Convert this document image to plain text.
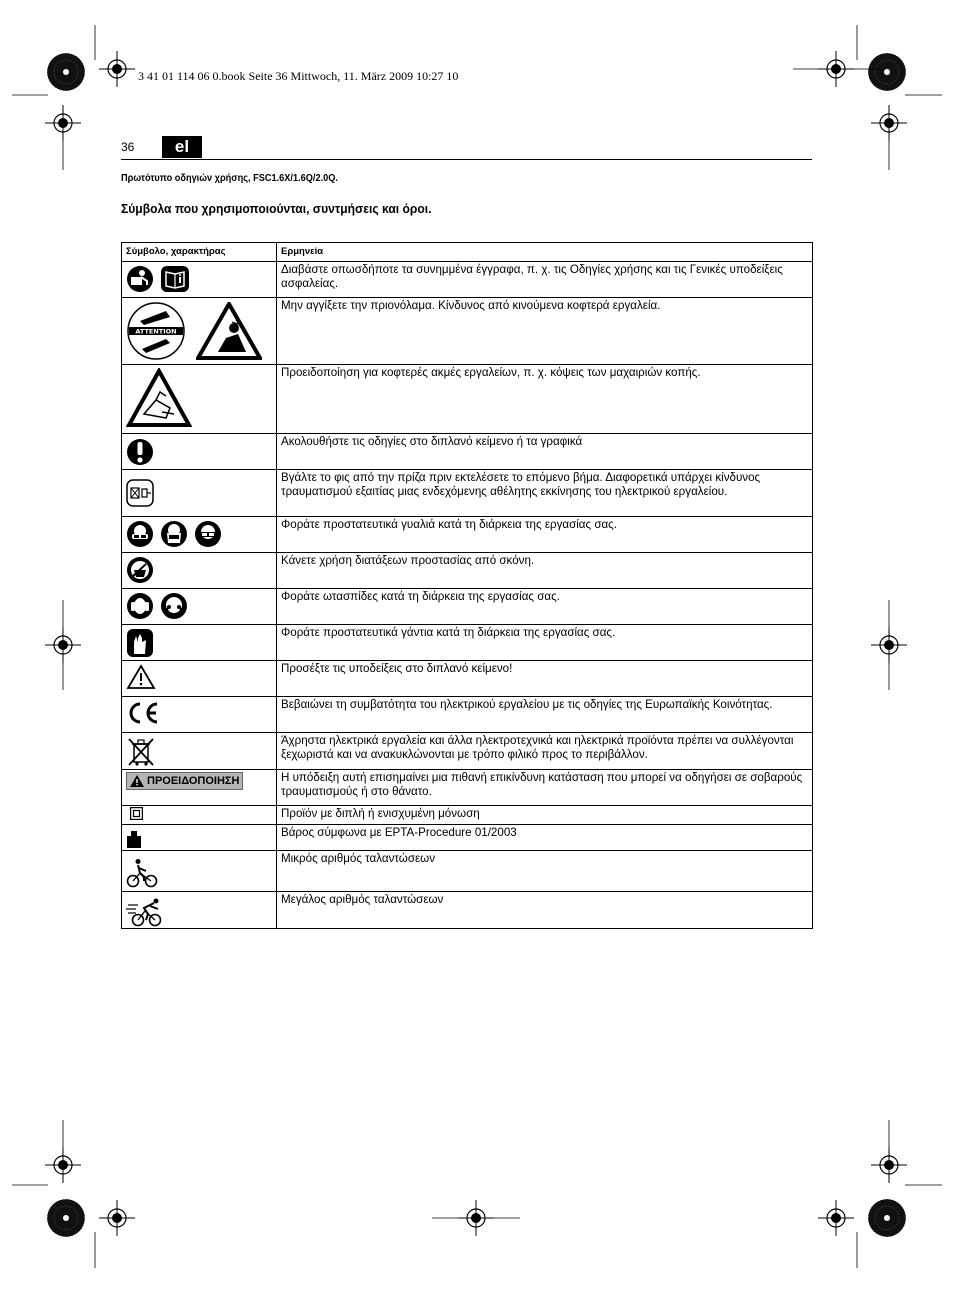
3 41 01 114 06 0.book Seite 36 Mittwoch, 11. März 2009 10:27 10
36	el
Πρωτότυπο οδηγιών χρήσης, FSC1.6X/1.6Q/2.0Q.
Σύμβολα που χρησιμοποιούνται, συντμήσεις και όροι.
Σύμβολο, χαρακτήρας	Ερμηνεία

	Διαβάστε οπωσδήποτε τα συνημμένα έγγραφα, π. χ. τις Οδηγίες χρήσης και τις Γενικές υποδείξεις ασφαλείας.

ATTENTION	Μην αγγίξετε την πριονόλαμα. Κίνδυνος από κινούμενα κοφτερά εργαλεία.

	Προειδοποίηση για κοφτερές ακμές εργαλείων, π. χ. κόψεις των μαχαιριών κοπής.

	Ακολουθήστε τις οδηγίες στο διπλανό κείμενο ή τα γραφικά

	Βγάλτε το φις από την πρίζα πριν εκτελέσετε το επόμενο βήμα. Διαφορετικά υπάρχει κίνδυνος τραυματισμού εξαιτίας μιας ενδεχόμενης αθέλητης εκκίνησης του ηλεκτρικού εργαλείου.

	Φοράτε προστατευτικά γυαλιά κατά τη διάρκεια της εργασίας σας.

	Κάνετε χρήση διατάξεων προστασίας από σκόνη.

	Φοράτε ωτασπίδες κατά τη διάρκεια της εργασίας σας.

	Φοράτε προστατευτικά γάντια κατά τη διάρκεια της εργασίας σας.

	Προσέξτε τις υποδείξεις στο διπλανό κείμενο!

	Βεβαιώνει τη συμβατότητα του ηλεκτρικού εργαλείου με τις οδηγίες της Ευρωπαϊκής Κοινότητας.

	Άχρηστα ηλεκτρικά εργαλεία και άλλα ηλεκτροτεχνικά και ηλεκτρικά προϊόντα πρέπει να συλλέγονται ξεχωριστά και να ανακυκλώνονται με τρόπο φιλικό προς το περιβάλλον.

ΠΡΟΕΙΔΟΠΟΙΗΣΗ	Η υπόδειξη αυτή επισημαίνει μια πιθανή επικίνδυνη κατάσταση που μπορεί να οδηγήσει σε σοβαρούς τραυματισμούς ή στο θάνατο.
	Προϊόν με διπλή ή ενισχυμένη μόνωση

	Βάρος σύμφωνα με EPTA-Procedure 01/2003

	Μικρός αριθμός ταλαντώσεων

	Μεγάλος αριθμός ταλαντώσεων
